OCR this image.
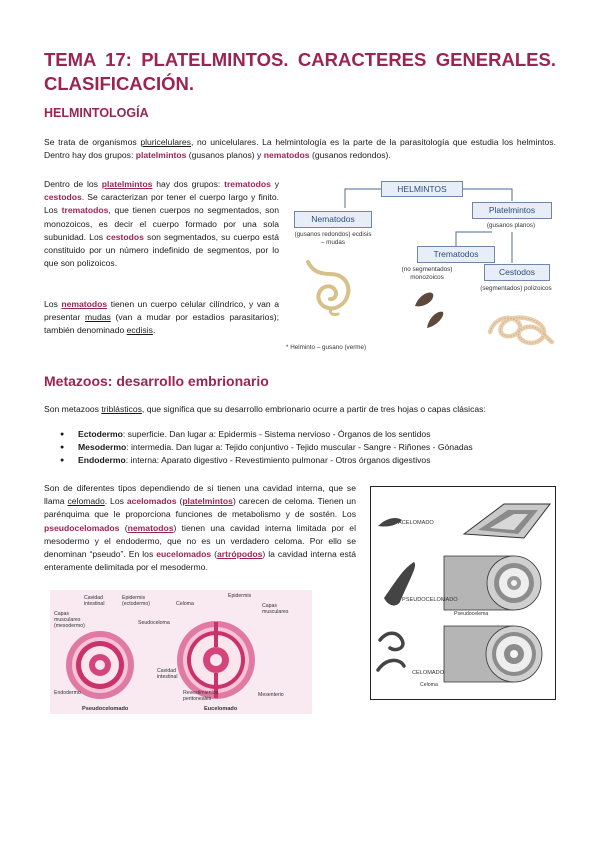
TEMA 17: PLATELMINTOS. CARACTERES GENERALES. CLASIFICACIÓN.
HELMINTOLOGÍA

Se trata de organismos pluricelulares, no unicelulares. La helmintología es la parte de la parasitología que estudia los helmintos. Dentro hay dos grupos: platelmintos (gusanos planos) y nematodos (gusanos redondos).

Dentro de los platelmintos hay dos grupos: trematodos y cestodos. Se caracterizan por tener el cuerpo largo y finito. Los trematodos, que tienen cuerpos no segmentados, son monozoicos, es decir el cuerpo formado por una sola subunidad. Los cestodos son segmentados, su cuerpo está constituido por un número indefinido de segmentos, por lo que son polizoicos.

Los nematodos tienen un cuerpo celular cilíndrico, y van a presentar mudas (van a mudar por estadios parasitarios); también denominado ecdisis.

HELMINTOS
Nematodos
(gusanos redondos) ecdisis – mudas
Platelmintos
(gusanos planos)
Trematodos
(no segmentados) monozoicos
Cestodos
(segmentados) polizoicos
* Helminto – gusano (verme)
Metazoos: desarrollo embrionario

Son metazoos triblásticos, que significa que su desarrollo embrionario ocurre a partir de tres hojas o capas clásicas:

● Ectodermo: superficie. Dan lugar a: Epidermis - Sistema nervioso - Órganos de los sentidos
● Mesodermo: intermedia. Dan lugar a: Tejido conjuntivo - Tejido muscular - Sangre - Riñones - Gónadas
● Endodermo: interna: Aparato digestivo - Revestimiento pulmonar - Otros órganos digestivos

Son de diferentes tipos dependiendo de si tienen una cavidad interna, que se llama celomado. Los acelomados (platelmintos) carecen de celoma. Tienen un parénquima que le proporciona funciones de metabolismo y de sostén. Los pseudocelomados (nematodos) tienen una cavidad interna limitada por el mesodermo y el endodermo, que no es un verdadero celoma. Por ello se denominan “pseudo”. En los eucelomados (artrópodos) la cavidad interna está enteramente delimitada por el mesodermo.

Cavidad intestinal
Epidermis (ectodermo)
Capas musculares (mesodermo)	Seudoceloma
Endodermo
Pseudocelomado
Celoma
Epidermis
Capas musculares
Cavidad intestinal
Revestimientos peritoneales
Mesenterio
Eucelomado
ACELOMADO
PSEUDOCELOMADO
Pseudocelema
CELOMADO
Celoma
